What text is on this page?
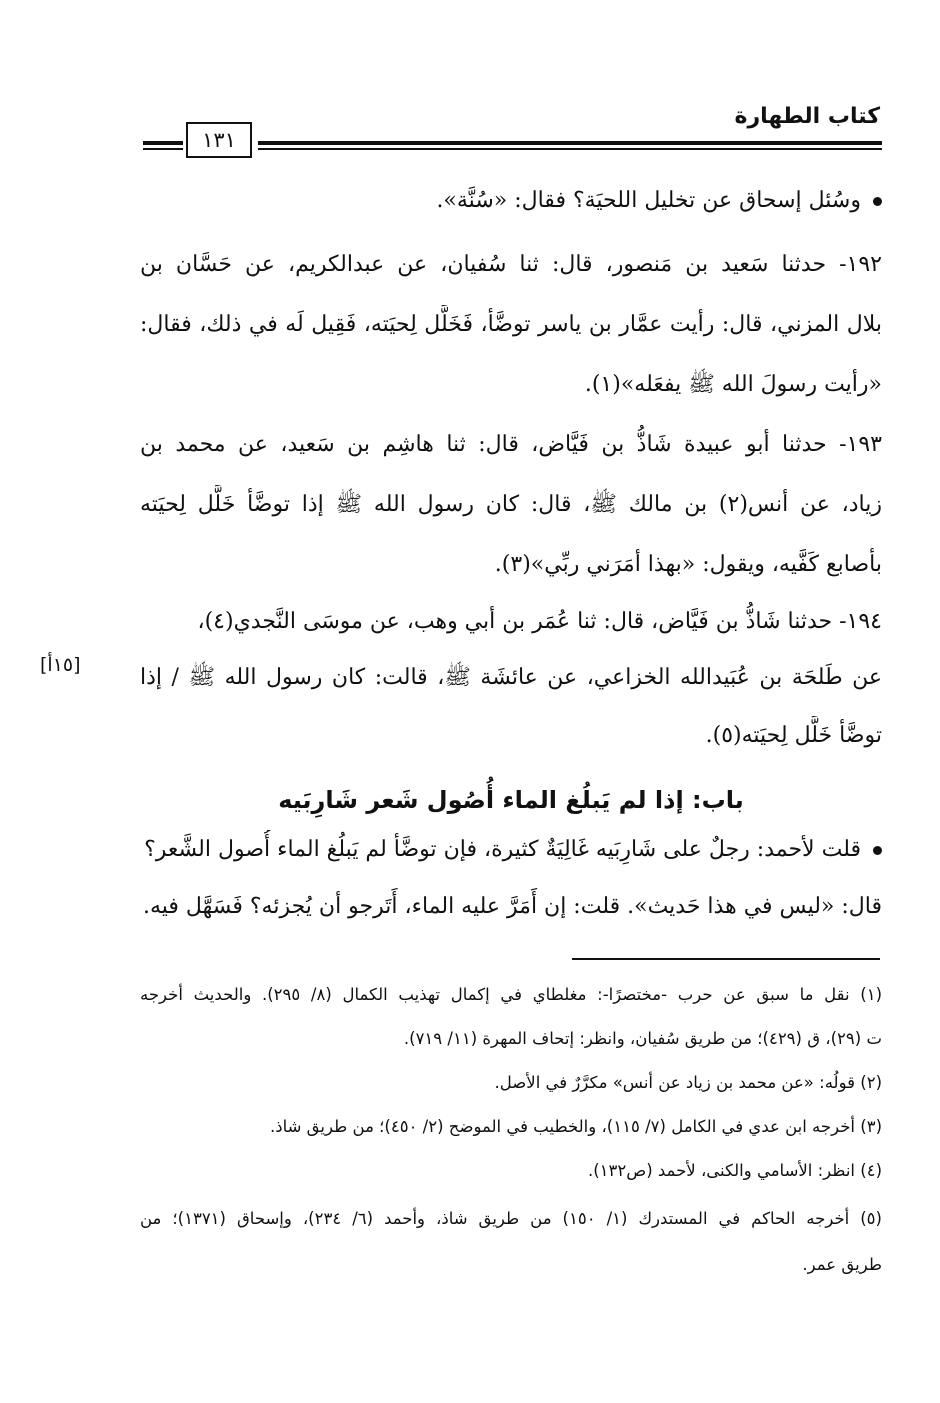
كتاب الطهارة
١٣١
وسُئل إسحاق عن تخليل اللحيَة؟ فقال: «سُنَّة».
١٩٢- حدثنا سَعيد بن مَنصور، قال: ثنا سُفيان، عن عبدالكريم، عن حَسَّان بن
بلال المزني، قال: رأيت عمَّار بن ياسر توضَّأ، فَخَلَّل لِحيَته، فَقِيل لَه في ذلك، فقال:
«رأيت رسولَ الله ﷺ يفعَله»(١).
١٩٣- حدثنا أبو عبيدة شَاذُّ بن فَيَّاض، قال: ثنا هاشِم بن سَعيد، عن محمد بن
زياد، عن أنس(٢) بن مالك ﷺ، قال: كان رسول الله ﷺ إذا توضَّأ خَلَّل لِحيَته
بأصابع كَفَّيه، ويقول: «بهذا أمَرَني ربِّي»(٣).
١٩٤- حدثنا شَاذُّ بن فَيَّاض، قال: ثنا عُمَر بن أبي وهب، عن موسَى النَّجدي(٤)،
عن طَلحَة بن عُبَيدالله الخزاعي، عن عائشَة ﷺ، قالت: كان رسول الله ﷺ / إذا
توضَّأ خَلَّل لِحيَته(٥).
[١٥أ]
باب: إذا لم يَبلُغ الماء أُصُول شَعر شَارِبَيه
قلت لأحمد: رجلٌ على شَارِبَيه غَالِيَةٌ كثيرة، فإن توضَّأ لم يَبلُغ الماء أُصول الشَّعر؟
قال: «ليس في هذا حَديث». قلت: إن أَمَرَّ عليه الماء، أَتَرجو أن يُجزئه؟ فَسَهَّل فيه.
(١) نقل ما سبق عن حرب -مختصرًا-: مغلطاي في إكمال تهذيب الكمال (٨/ ٢٩٥). والحديث أخرجه
ت (٢٩)، ق (٤٢٩)؛ من طريق سُفيان، وانظر: إتحاف المهرة (١١/ ٧١٩).
(٢) قولُه: «عن محمد بن زياد عن أنس» مكرَّرٌ في الأصل.
(٣) أخرجه ابن عدي في الكامل (٧/ ١١٥)، والخطيب في الموضح (٢/ ٤٥٠)؛ من طريق شاذ.
(٤) انظر: الأسامي والكنى، لأحمد (ص١٣٢).
(٥) أخرجه الحاكم في المستدرك (١/ ١٥٠) من طريق شاذ، وأحمد (٦/ ٢٣٤)، وإسحاق (١٣٧١)؛ من
طريق عمر.
